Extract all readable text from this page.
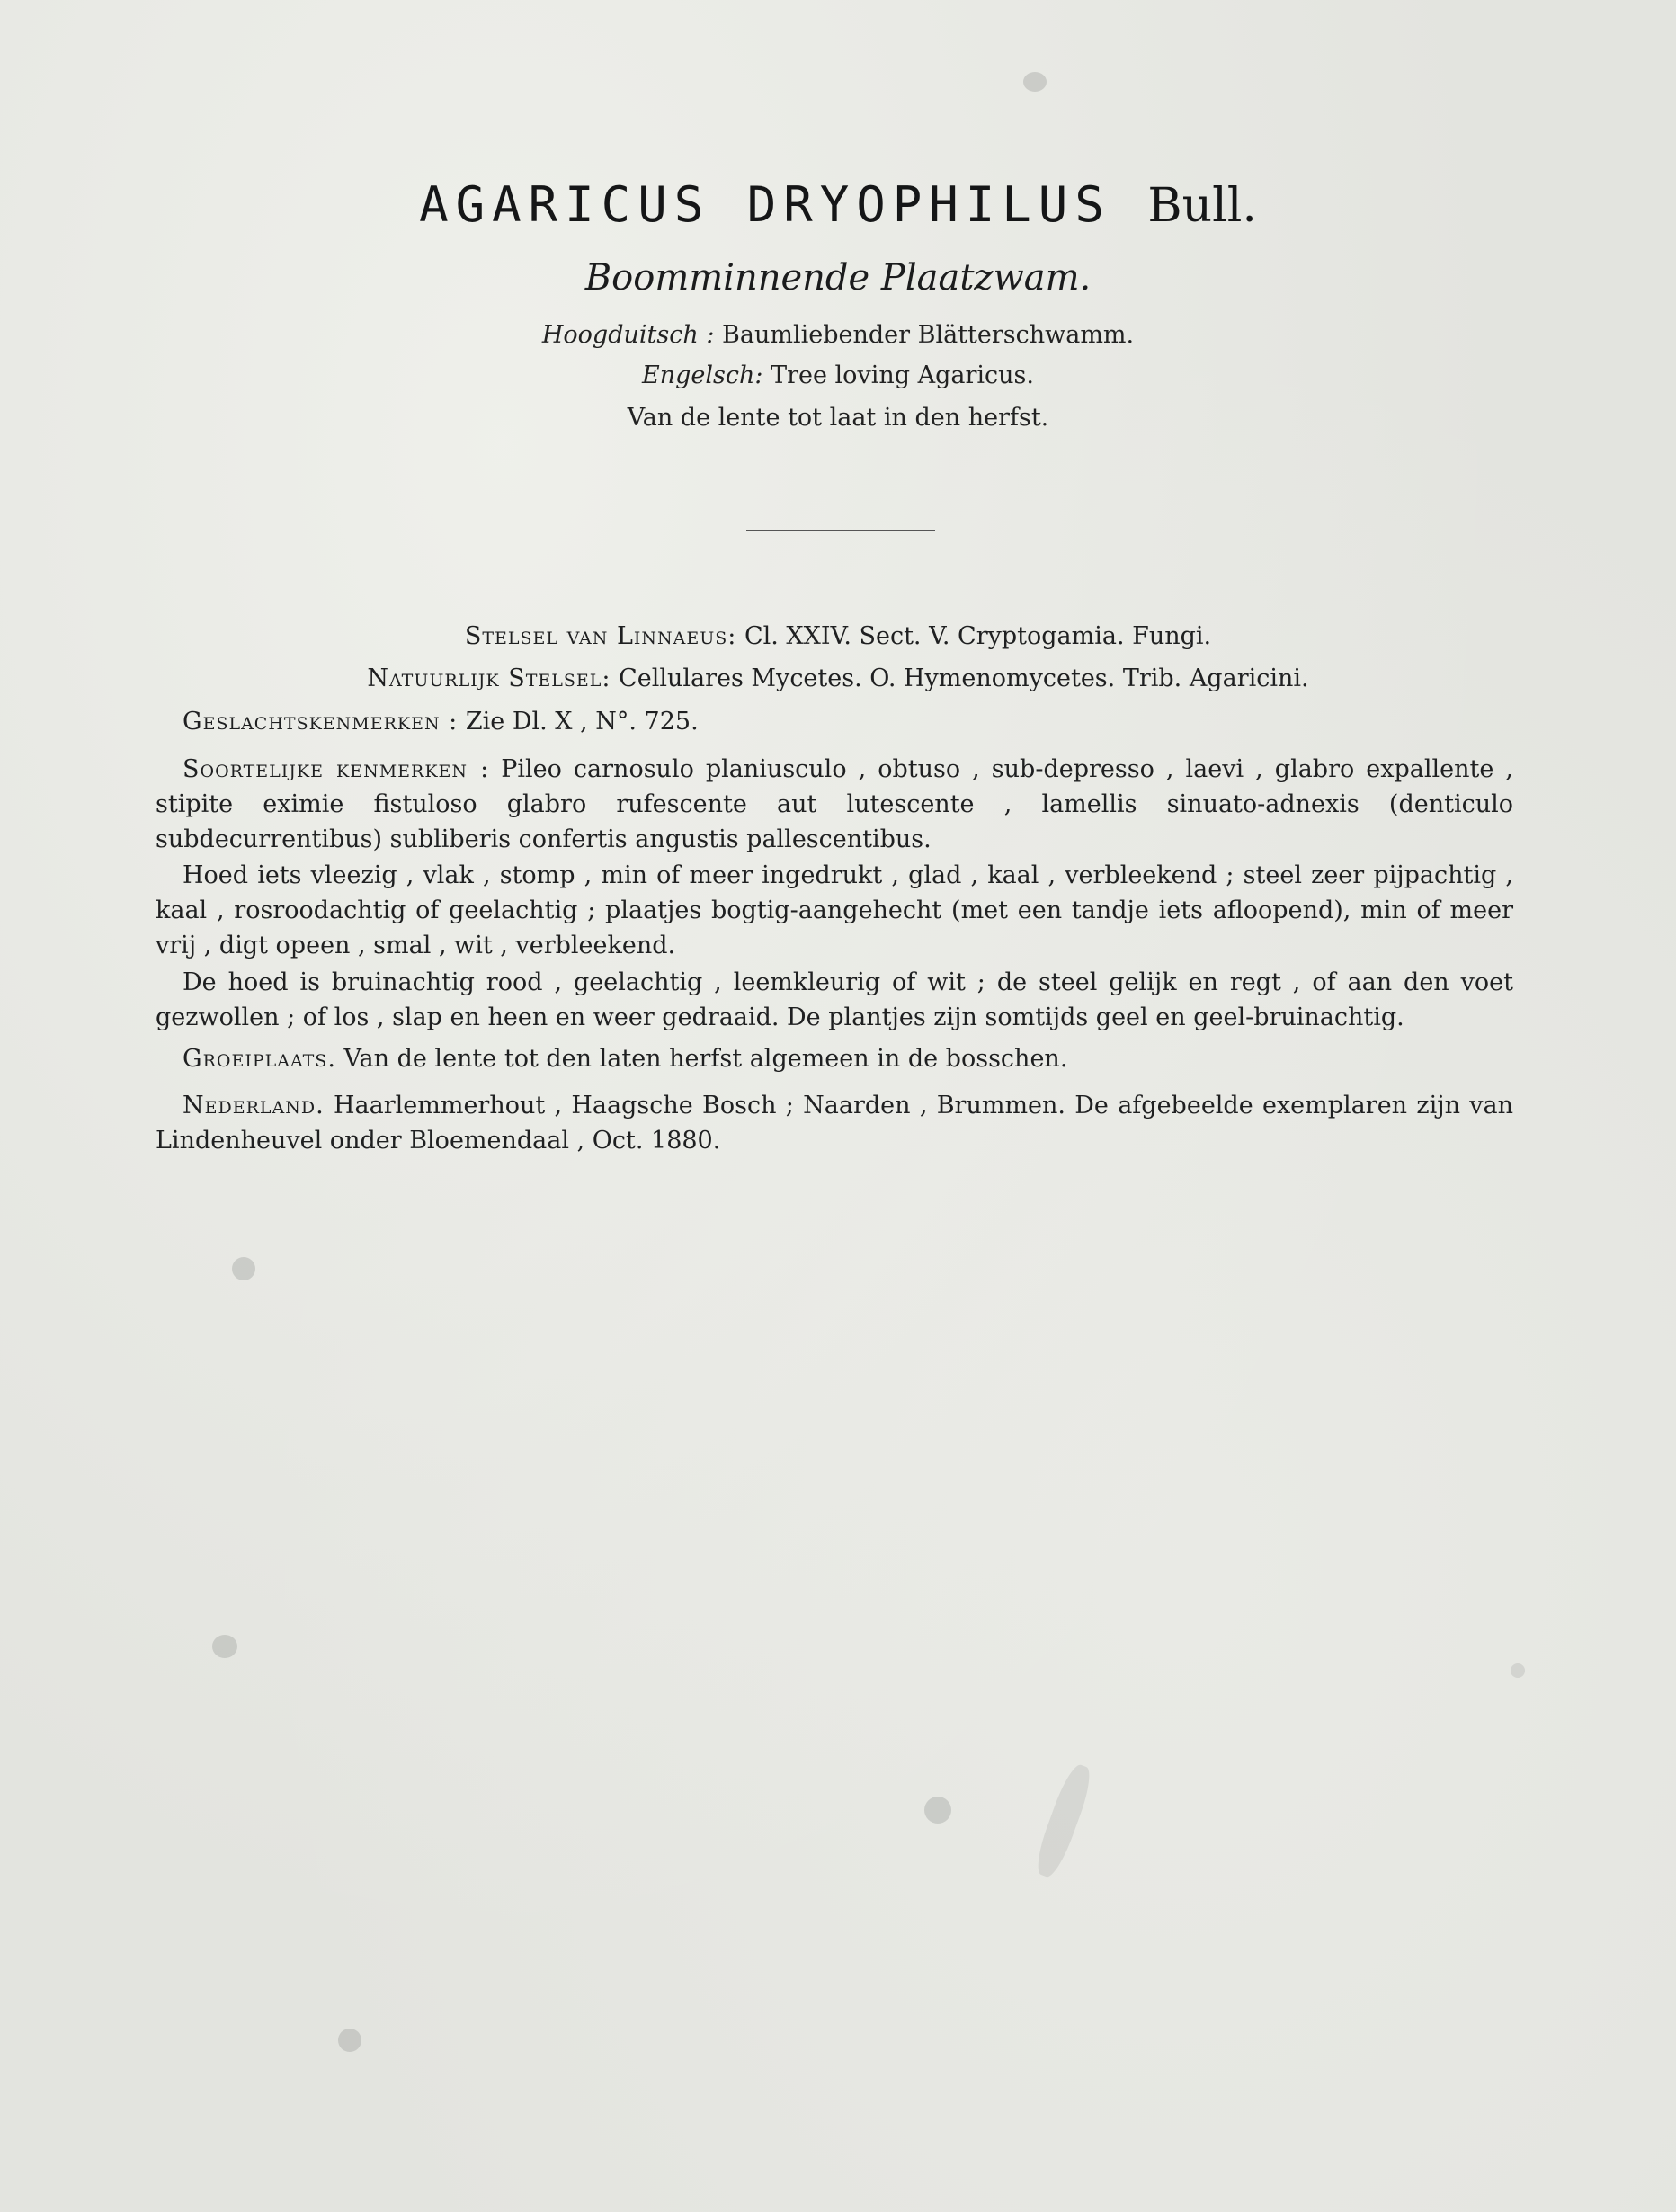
AGARICUS DRYOPHILUS Bull.
Boomminnende Plaatzwam.
Hoogduitsch : Baumliebender Blätterschwamm.
Engelsch: Tree loving Agaricus.
Van de lente tot laat in den herfst.
Stelsel van Linnaeus: Cl. XXIV. Sect. V. Cryptogamia. Fungi.
Natuurlijk Stelsel: Cellulares Mycetes. O. Hymenomycetes. Trib. Agaricini.
Geslachtskenmerken : Zie Dl. X , N°. 725.
Soortelijke kenmerken : Pileo carnosulo planiusculo , obtuso , sub-depresso , laevi , glabro expallente , stipite eximie fistuloso glabro rufescente aut lutescente , lamellis sinuato-adnexis (denticulo subdecurrentibus) subliberis confertis angustis pallescentibus.
Hoed iets vleezig , vlak , stomp , min of meer ingedrukt , glad , kaal , verbleekend ; steel zeer pijpachtig , kaal , rosroodachtig of geelachtig ; plaatjes bogtig-aangehecht (met een tandje iets afloopend), min of meer vrij , digt opeen , smal , wit , verbleekend.
De hoed is bruinachtig rood , geelachtig , leemkleurig of wit ; de steel gelijk en regt , of aan den voet gezwollen ; of los , slap en heen en weer gedraaid. De plantjes zijn somtijds geel en geel-bruinachtig.
Groeiplaats. Van de lente tot den laten herfst algemeen in de bosschen.
Nederland. Haarlemmerhout , Haagsche Bosch ; Naarden , Brummen. De afgebeelde exemplaren zijn van Lindenheuvel onder Bloemendaal , Oct. 1880.
